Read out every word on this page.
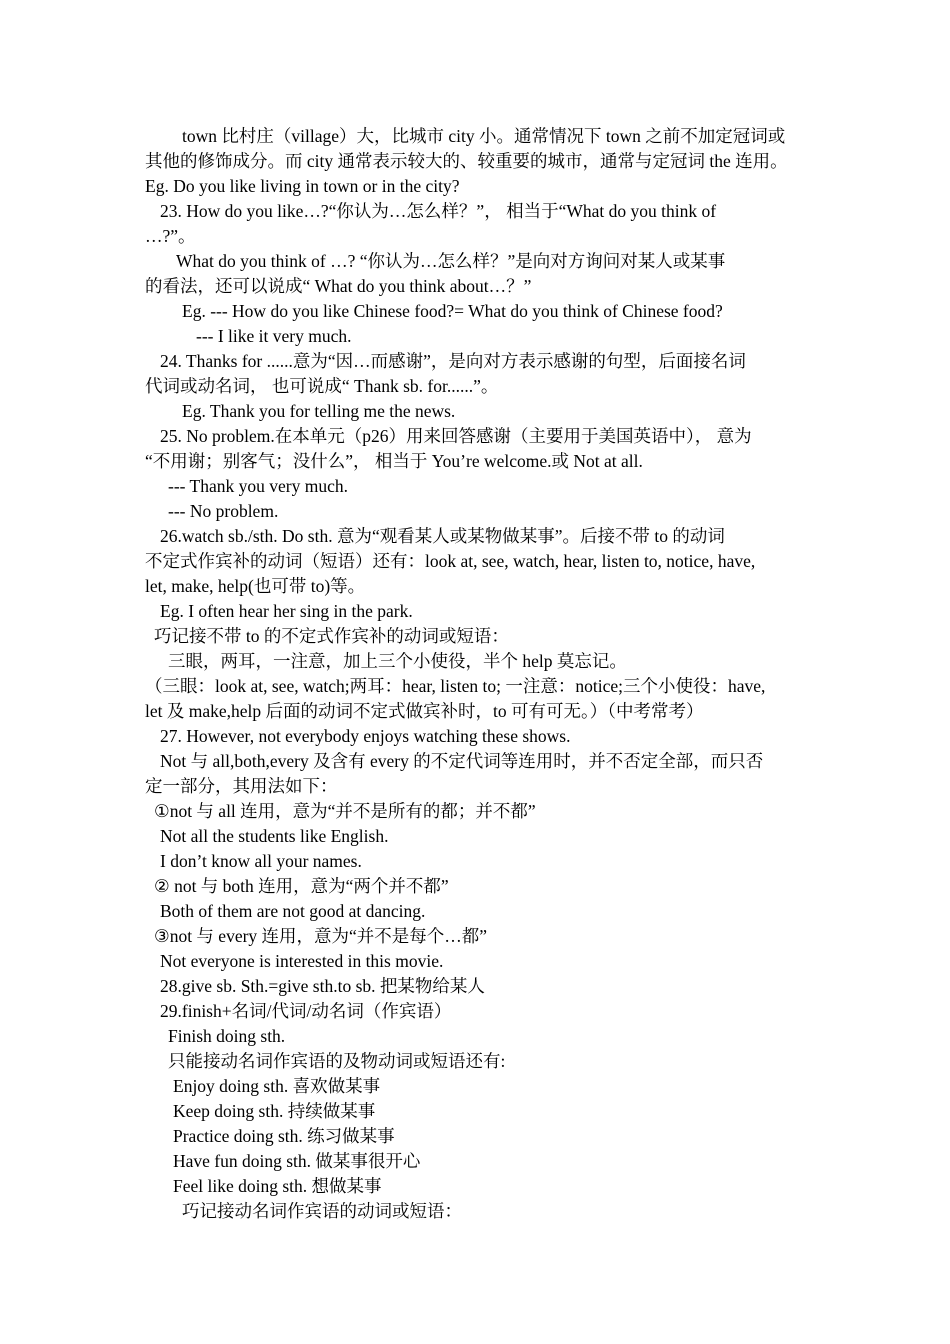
town 比村庄（village）大，比城市 city 小。通常情况下 town 之前不加定冠词或
其他的修饰成分。而 city 通常表示较大的、较重要的城市，通常与定冠词 the 连用。
Eg. Do you like living in town or in the city?
23. How do you like…?“你认为…怎么样？”， 相当于“What do you think of
…?”。
What do you think of …? “你认为…怎么样？”是向对方询问对某人或某事
的看法，还可以说成“ What do you think about…？”
Eg. --- How do you like Chinese food?= What do you think of Chinese food?
--- I like it very much.
24. Thanks for ......意为“因…而感谢”，是向对方表示感谢的句型，后面接名词
代词或动名词， 也可说成“ Thank sb. for......”。
Eg. Thank you for telling me the news.
25. No problem.在本单元（p26）用来回答感谢（主要用于美国英语中）， 意为
“不用谢；别客气；没什么”， 相当于 You’re welcome.或 Not at all.
--- Thank you very much.
--- No problem.
26.watch sb./sth. Do sth. 意为“观看某人或某物做某事”。后接不带 to 的动词
不定式作宾补的动词（短语）还有：look at, see, watch, hear, listen to, notice, have,
let, make, help(也可带 to)等。
Eg. I often hear her sing in the park.
巧记接不带 to 的不定式作宾补的动词或短语：
三眼，两耳，一注意，加上三个小使役，半个 help 莫忘记。
（三眼：look at, see, watch;两耳：hear, listen to; 一注意：notice;三个小使役：have,
let 及 make,help 后面的动词不定式做宾补时，to 可有可无。）（中考常考）
27. However, not everybody enjoys watching these shows.
Not 与 all,both,every 及含有 every 的不定代词等连用时，并不否定全部，而只否
定一部分，其用法如下：
①not 与 all 连用，意为“并不是所有的都；并不都”
Not all the students like English.
I don’t know all your names.
② not 与 both 连用，意为“两个并不都”
Both of them are not good at dancing.
③not 与 every 连用，意为“并不是每个…都”
Not everyone is interested in this movie.
28.give sb. Sth.=give sth.to sb. 把某物给某人
29.finish+名词/代词/动名词（作宾语）
Finish doing sth.
只能接动名词作宾语的及物动词或短语还有:
Enjoy doing sth. 喜欢做某事
Keep doing sth. 持续做某事
Practice doing sth. 练习做某事
Have fun doing sth. 做某事很开心
Feel like doing sth. 想做某事
巧记接动名词作宾语的动词或短语：
